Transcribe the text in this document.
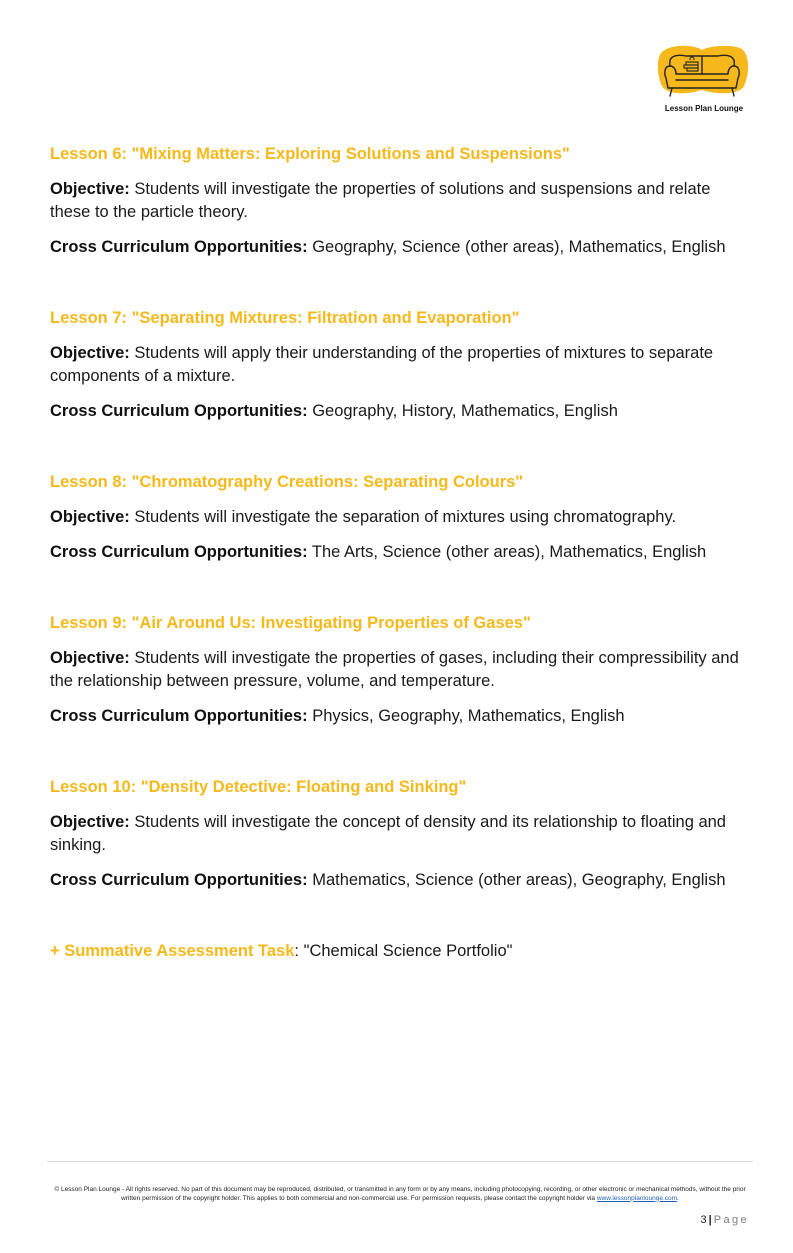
Lesson Plan Lounge
Lesson 6: "Mixing Matters: Exploring Solutions and Suspensions"
Objective: Students will investigate the properties of solutions and suspensions and relate these to the particle theory.
Cross Curriculum Opportunities: Geography, Science (other areas), Mathematics, English
Lesson 7: "Separating Mixtures: Filtration and Evaporation"
Objective: Students will apply their understanding of the properties of mixtures to separate components of a mixture.
Cross Curriculum Opportunities: Geography, History, Mathematics, English
Lesson 8: "Chromatography Creations: Separating Colours"
Objective: Students will investigate the separation of mixtures using chromatography.
Cross Curriculum Opportunities: The Arts, Science (other areas), Mathematics, English
Lesson 9: "Air Around Us: Investigating Properties of Gases"
Objective: Students will investigate the properties of gases, including their compressibility and the relationship between pressure, volume, and temperature.
Cross Curriculum Opportunities: Physics, Geography, Mathematics, English
Lesson 10: "Density Detective: Floating and Sinking"
Objective: Students will investigate the concept of density and its relationship to floating and sinking.
Cross Curriculum Opportunities: Mathematics, Science (other areas), Geography, English
+ Summative Assessment Task: "Chemical Science Portfolio"
© Lesson Plan Lounge - All rights reserved. No part of this document may be reproduced, distributed, or transmitted in any form or by any means, including photocopying, recording, or other electronic or mechanical methods, without the prior written permission of the copyright holder. This applies to both commercial and non-commercial use. For permission requests, please contact the copyright holder via www.lessonplanlounge.com.
3 | Page
